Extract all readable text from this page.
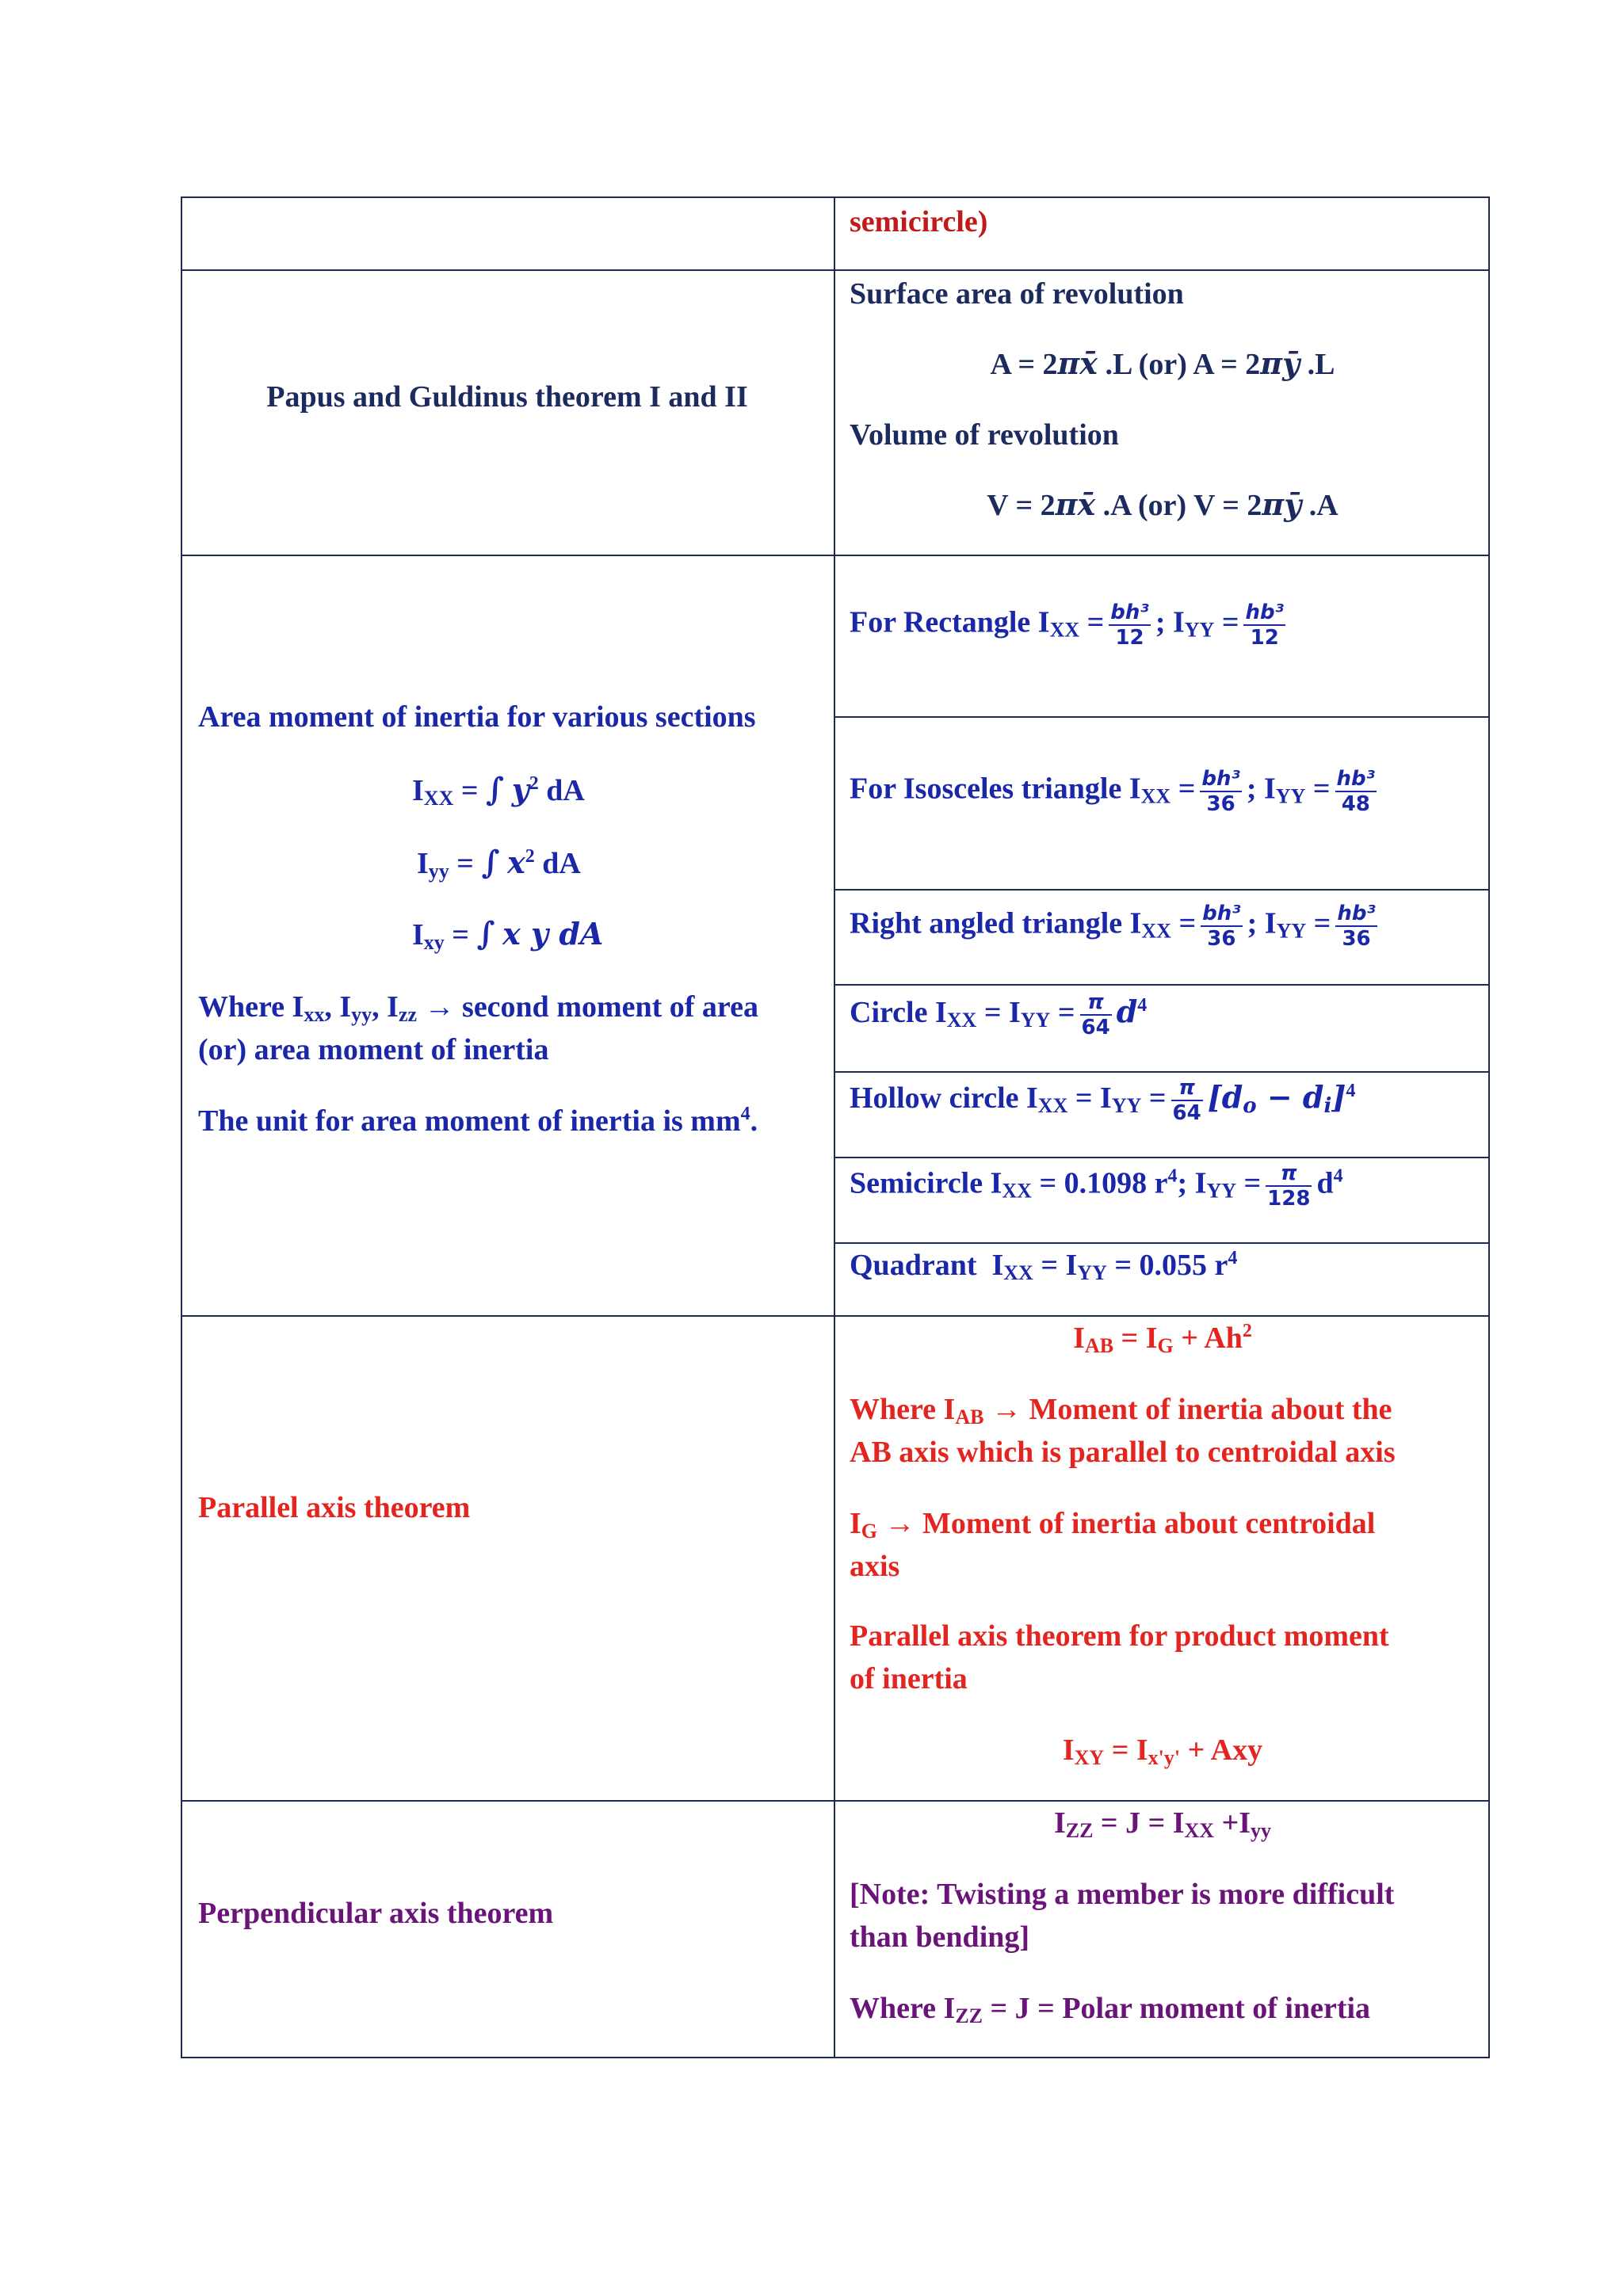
semicircle)
Papus and Guldinus theorem I and II
Surface area of revolution
A = 2πx̄ .L (or) A = 2πȳ .L
Volume of revolution
V = 2πx̄ .A (or) V = 2πȳ .A
Area moment of inertia for various sections
$I_{XX}$ = ∫ $y^2$ dA
$I_{yy}$ = ∫ $x^2$ dA
$I_{xy}$ = ∫ x y dA
Where $I_{xx}$, $I_{yy}$, $I_{zz}$ → second moment of area
(or) area moment of inertia
The unit for area moment of inertia is $mm^4$.
For Rectangle $I_{XX} = \frac{\text{bh³}}{12}$ ; $I_{YY} = \frac{\text{hb³}}{12}$
For Isosceles triangle $I_{XX} = \frac{\text{bh³}}{36}$ ; $I_{YY} = \frac{\text{hb³}}{48}$
Right angled triangle $I_{XX} = \frac{\text{bh³}}{36}$ ; $I_{YY} = \frac{\text{hb³}}{36}$
Circle $I_{XX} = I_{YY} = \frac{\pi}{64} d^4$
Hollow circle $I_{XX} = I_{YY} = \frac{\pi}{64} [d_o - d_i]^4$
Semicircle $I_{XX} = 0.1098$ $r^4$; $I_{YY} = \frac{\pi}{128} d^4$
Quadrant  $I_{XX} = I_{YY} = 0.055$ $r^4$
Parallel axis theorem
$I_{AB} = I_G + Ah^2$
Where $I_{AB}$ → Moment of inertia about the
AB axis which is parallel to centroidal axis
$I_G$ → Moment of inertia about centroidal
axis
Parallel axis theorem for product moment
of inertia
$I_{XY} = I_{x'y'}$ + Axy
Perpendicular axis theorem
$I_{ZZ} = J = I_{XX} +I_{yy}$
[Note: Twisting a member is more difficult
than bending]
Where $I_{ZZ} = J$ = Polar moment of inertia
